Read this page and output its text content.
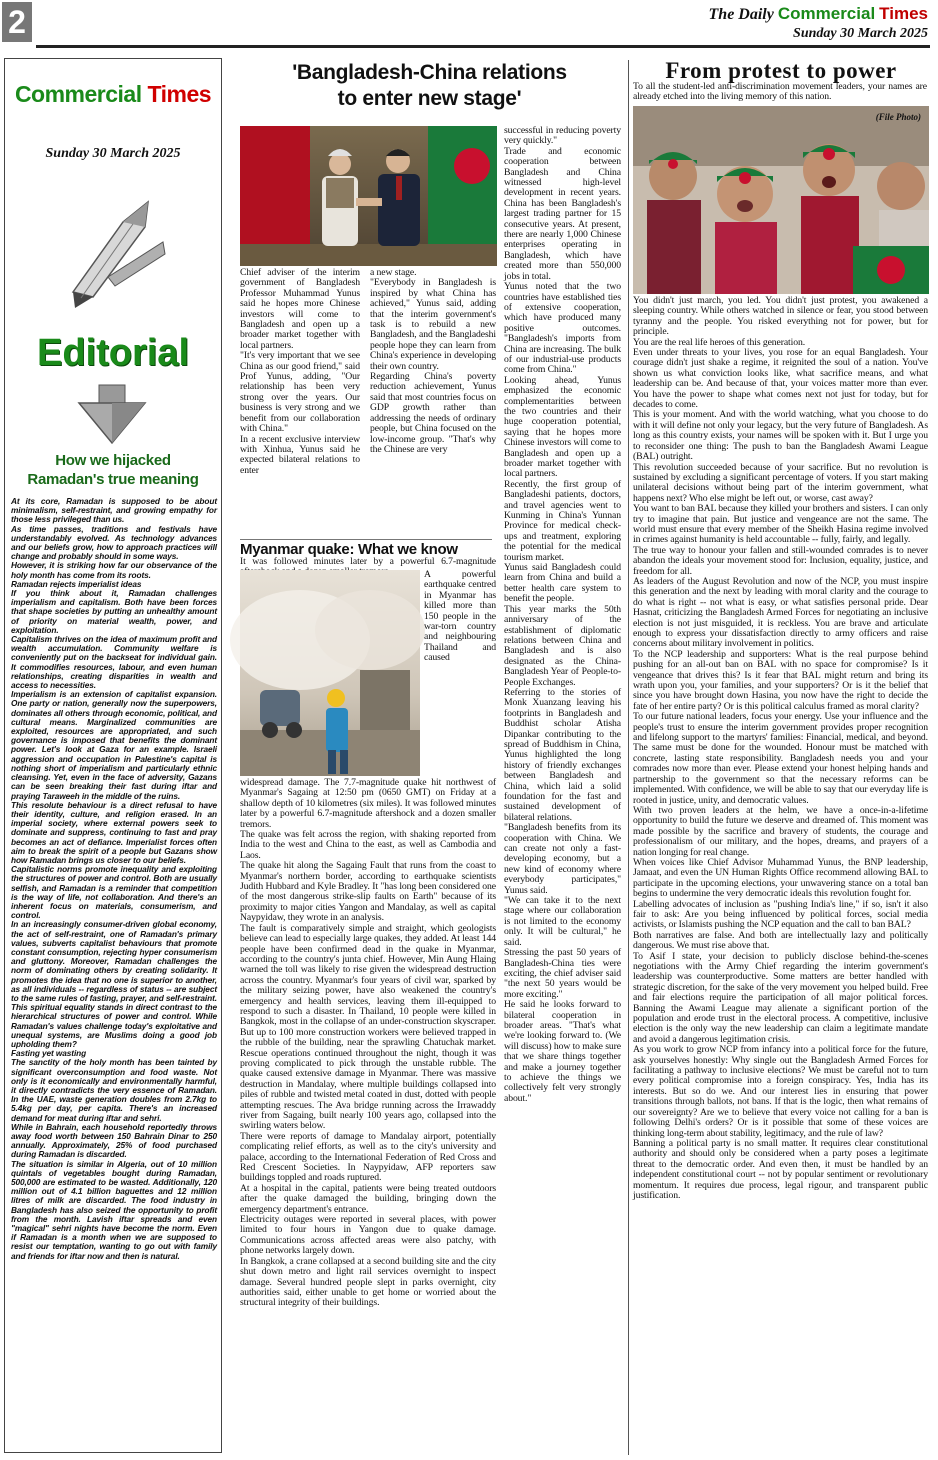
2	The Daily Commercial Times
Sunday 30 March 2025
Commercial Times
Sunday 30 March 2025
Editorial
How we hijacked
Ramadan's true meaning

At its core, Ramadan is supposed to be about minimalism, self-restraint, and growing empathy for those less privileged than us.

As time passes, traditions and festivals have understandably evolved. As technology advances and our beliefs grow, how to approach practices will change and probably should in some ways.

However, it is striking how far our observance of the holy month has come from its roots.

Ramadan rejects imperialist ideas

If you think about it, Ramadan challenges imperialism and capitalism. Both have been forces that shape societies by putting an unhealthy amount of priority on material wealth, power, and exploitation.

Capitalism thrives on the idea of maximum profit and wealth accumulation. Community welfare is conveniently put on the backseat for individual gain. It commodifies resources, labour, and even human relationships, creating disparities in wealth and access to necessities.

Imperialism is an extension of capitalist expansion. One party or nation, generally now the superpowers, dominates all others through economic, political, and cultural means. Marginalized communities are exploited, resources are appropriated, and such governance is imposed that benefits the dominant power. Let's look at Gaza for an example. Israeli aggression and occupation in Palestine's capital is nothing short of imperialism and particularly ethnic cleansing. Yet, even in the face of adversity, Gazans can be seen breaking their fast during iftar and praying Taraweeh in the middle of the ruins.

This resolute behaviour is a direct refusal to have their identity, culture, and religion erased. In an imperial society, where external powers seek to dominate and suppress, continuing to fast and pray becomes an act of defiance. Imperialist forces often aim to break the spirit of a people but Gazans show how Ramadan brings us closer to our beliefs.

Capitalistic norms promote inequality and exploiting the structures of power and control. Both are usually selfish, and Ramadan is a reminder that competition is the way of life, not collaboration. And there's an inherent focus on materials, consumerism, and control.

In an increasingly consumer-driven global economy, the act of self-restraint, one of Ramadan's primary values, subverts capitalist behaviours that promote constant consumption, rejecting hyper consumerism and gluttony. Moreover, Ramadan challenges the norm of dominating others by creating solidarity. It promotes the idea that no one is superior to another, as all individuals -- regardless of status -- are subject to the same rules of fasting, prayer, and self-restraint.

This spiritual equality stands in direct contrast to the hierarchical structures of power and control. While Ramadan's values challenge today's exploitative and unequal systems, are Muslims doing a good job upholding them?

Fasting yet wasting

The sanctity of the holy month has been tainted by significant overconsumption and food waste. Not only is it economically and environmentally harmful, it directly contradicts the very essence of Ramadan. In the UAE, waste generation doubles from 2.7kg to 5.4kg per day, per capita. There's an increased demand for meat during iftar and sehri.

While in Bahrain, each household reportedly throws away food worth between 150 Bahrain Dinar to 250 annually. Approximately, 25% of food purchased during Ramadan is discarded.

The situation is similar in Algeria, out of 10 million quintals of vegetables bought during Ramadan, 500,000 are estimated to be wasted. Additionally, 120 million out of 4.1 billion baguettes and 12 million litres of milk are discarded. The food industry in Bangladesh has also seized the opportunity to profit from the month. Lavish iftar spreads and even "magical" sehri nights have become the norm. Even if Ramadan is a month when we are supposed to resist our temptation, wanting to go out with family and friends for iftar now and then is natural.

'Bangladesh-China relations
to enter new stage'

Chief adviser of the interim government of Bangladesh Professor Muhammad Yunus said he hopes more Chinese investors will come to Bangladesh and open up a broader market together with local partners.

"It's very important that we see China as our good friend," said Prof Yunus, adding, "Our relationship has been very strong over the years. Our business is very strong and we benefit from our collaboration with China."

In a recent exclusive interview with Xinhua, Yunus said he expected bilateral relations to enter

a new stage.

"Everybody in Bangladesh is inspired by what China has achieved," Yunus said, adding that the interim government's task is to rebuild a new Bangladesh, and the Bangladeshi people hope they can learn from China's experience in developing their own country.

Regarding China's poverty reduction achievement, Yunus said that most countries focus on GDP growth rather than addressing the needs of ordinary people, but China focused on the low-income group. "That's why the Chinese are very

successful in reducing poverty very quickly."

Trade and economic cooperation between Bangladesh and China witnessed high-level development in recent years. China has been Bangladesh's largest trading partner for 15 consecutive years. At present, there are nearly 1,000 Chinese enterprises operating in Bangladesh, which have created more than 550,000 jobs in total.

Yunus noted that the two countries have established ties of extensive cooperation, which have produced many positive outcomes. "Bangladesh's imports from China are increasing. The bulk of our industrial-use products come from China."

Looking ahead, Yunus emphasized the economic complementarities between the two countries and their huge cooperation potential, saying that he hopes more Chinese investors will come to Bangladesh and open up a broader market together with local partners.

Recently, the first group of Bangladeshi patients, doctors, and travel agencies went to Kunming in China's Yunnan Province for medical check-ups and treatment, exploring the potential for the medical tourism market.

Yunus said Bangladesh could learn from China and build a better health care system to benefit the people.

This year marks the 50th anniversary of the establishment of diplomatic relations between China and Bangladesh and is also designated as the China-Bangladesh Year of People-to-People Exchanges.

Referring to the stories of Monk Xuanzang leaving his footprints in Bangladesh and Buddhist scholar Atisha Dipankar contributing to the spread of Buddhism in China, Yunus highlighted the long history of friendly exchanges between Bangladesh and China, which laid a solid foundation for the fast and sustained development of bilateral relations.

"Bangladesh benefits from its cooperation with China. We can create not only a fast-developing economy, but a new kind of economy where everybody participates," Yunus said.

"We can take it to the next stage where our collaboration is not limited to the economy only. It will be cultural," he said.

Stressing the past 50 years of Bangladesh-China ties were exciting, the chief adviser said "the next 50 years would be more exciting."

He said he looks forward to bilateral cooperation in broader areas. "That's what we're looking forward to. (We will discuss) how to make sure that we share things together and make a journey together to achieve the things we collectively felt very strongly about."

Myanmar quake: What we know
It was followed minutes later by a powerful 6.7-magnitude
A powerful earthquake centred in Myanmar has killed more than 150 people in the war-torn country and neighbouring Thailand and caused

widespread damage. The 7.7-magnitude quake hit northwest of Myanmar's Sagaing at 12:50 pm (0650 GMT) on Friday at a shallow depth of 10 kilometres (six miles). It was followed minutes later by a powerful 6.7-magnitude aftershock and a dozen smaller tremors.

The quake was felt across the region, with shaking reported from India to the west and China to the east, as well as Cambodia and Laos.

The quake hit along the Sagaing Fault that runs from the coast to Myanmar's northern border, according to earthquake scientists Judith Hubbard and Kyle Bradley. It "has long been considered one of the most dangerous strike-slip faults on Earth" because of its proximity to major cities Yangon and Mandalay, as well as capital Naypyidaw, they wrote in an analysis.

The fault is comparatively simple and straight, which geologists believe can lead to especially large quakes, they added. At least 144 people have been confirmed dead in the quake in Myanmar, according to the country's junta chief. However, Min Aung Hlaing warned the toll was likely to rise given the widespread destruction across the country. Myanmar's four years of civil war, sparked by the military seizing power, have also weakened the country's emergency and health services, leaving them ill-equipped to respond to such a disaster. In Thailand, 10 people were killed in Bangkok, most in the collapse of an under-construction skyscraper. But up to 100 more construction workers were believed trapped in the rubble of the building, near the sprawling Chatuchak market. Rescue operations continued throughout the night, though it was proving complicated to pick through the unstable rubble. The quake caused extensive damage in Myanmar. There was massive destruction in Mandalay, where multiple buildings collapsed into piles of rubble and twisted metal coated in dust, dotted with people attempting rescues. The Ava bridge running across the Irrawaddy river from Sagaing, built nearly 100 years ago, collapsed into the swirling waters below.

There were reports of damage to Mandalay airport, potentially complicating relief efforts, as well as to the city's university and palace, according to the International Federation of Red Cross and Red Crescent Societies. In Naypyidaw, AFP reporters saw buildings toppled and roads ruptured.

At a hospital in the capital, patients were being treated outdoors after the quake damaged the building, bringing down the emergency department's entrance.

Electricity outages were reported in several places, with power limited to four hours in Yangon due to quake damage. Communications across affected areas were also patchy, with phone networks largely down.

In Bangkok, a crane collapsed at a second building site and the city shut down metro and light rail services overnight to inspect damage. Several hundred people slept in parks overnight, city authorities said, either unable to get home or worried about the structural integrity of their buildings.

From protest to power
To all the student-led anti-discrimination movement leaders, your names are already etched into the living memory of this nation.
(File Photo)

You didn't just march, you led. You didn't just protest, you awakened a sleeping country. While others watched in silence or fear, you stood between tyranny and the people. You risked everything not for power, but for principle.

You are the real life heroes of this generation.

Even under threats to your lives, you rose for an equal Bangladesh. Your courage didn't just shake a regime, it reignited the soul of a nation. You've shown us what conviction looks like, what sacrifice means, and what leadership can be. And because of that, your voices matter more than ever. You have the power to shape what comes next not just for today, but for decades to come.

This is your moment. And with the world watching, what you choose to do with it will define not only your legacy, but the very future of Bangladesh. As long as this country exists, your names will be spoken with it. But I urge you to reconsider one thing: The push to ban the Bangladesh Awami League (BAL) outright.

This revolution succeeded because of your sacrifice. But no revolution is sustained by excluding a significant percentage of voters. If you start making unilateral decisions without being part of the interim government, what happens next? Who else might be left out, or worse, cast away?

You want to ban BAL because they killed your brothers and sisters. I can only try to imagine that pain. But justice and vengeance are not the same. The world must ensure that every member of the Sheikh Hasina regime involved in crimes against humanity is held accountable -- fully, fairly, and legally.

The true way to honour your fallen and still-wounded comrades is to never abandon the ideals your movement stood for: Inclusion, equality, justice, and freedom for all.

As leaders of the August Revolution and now of the NCP, you must inspire this generation and the next by leading with moral clarity and the courage to do what is right -- not what is easy, or what satisfies personal pride. Dear Hasnat, criticizing the Bangladesh Armed Forces for negotiating an inclusive election is not just misguided, it is reckless. You are brave and articulate enough to express your dissatisfaction directly to army officers and raise concerns about military involvement in politics.

To the NCP leadership and supporters: What is the real purpose behind pushing for an all-out ban on BAL with no space for compromise? Is it vengeance that drives this? Is it fear that BAL might return and bring its wrath upon you, your families, and your supporters? Or is it the belief that since you have brought down Hasina, you now have the right to decide the fate of her entire party? Or is this political calculus framed as moral clarity?

To our future national leaders, focus your energy. Use your influence and the people's trust to ensure the interim government provides proper recognition and lifelong support to the martyrs' families: Financial, medical, and beyond. The same must be done for the wounded. Honour must be matched with concrete, lasting state responsibility. Bangladesh needs you and your comrades now more than ever. Please extend your honest helping hands and partnership to the government so that the necessary reforms can be implemented. With confidence, we will be able to say that our everyday life is rooted in justice, unity, and democratic values.

With two proven leaders at the helm, we have a once-in-a-lifetime opportunity to build the future we deserve and dreamed of. This moment was made possible by the sacrifice and bravery of students, the courage and professionalism of our military, and the hopes, dreams, and prayers of a nation longing for real change.

When voices like Chief Advisor Muhammad Yunus, the BNP leadership, Jamaat, and even the UN Human Rights Office recommend allowing BAL to participate in the upcoming elections, your unwavering stance on a total ban begins to undermine the very democratic ideals this revolution fought for.

Labelling advocates of inclusion as "pushing India's line," if so, isn't it also fair to ask: Are you being influenced by political forces, social media activists, or Islamists pushing the NCP equation and the call to ban BAL?

Both narratives are false. And both are intellectually lazy and politically dangerous. We must rise above that.

To Asif I state, your decision to publicly disclose behind-the-scenes negotiations with the Army Chief regarding the interim government's leadership was counterproductive. Some matters are better handled with strategic discretion, for the sake of the very movement you helped build. Free and fair elections require the participation of all major political forces. Banning the Awami League may alienate a significant portion of the population and erode trust in the electoral process. A competitive, inclusive election is the only way the new leadership can claim a legitimate mandate and avoid a dangerous legitimation crisis.

As you work to grow NCP from infancy into a political force for the future, ask yourselves honestly: Why single out the Bangladesh Armed Forces for facilitating a pathway to inclusive elections? We must be careful not to turn every political compromise into a foreign conspiracy. Yes, India has its interests. But so do we. And our interest lies in ensuring that power transitions through ballots, not bans. If that is the logic, then what remains of our sovereignty? Are we to believe that every voice not calling for a ban is following Delhi's orders? Or is it possible that some of these voices are thinking long-term about stability, legitimacy, and the rule of law?

Banning a political party is no small matter. It requires clear constitutional authority and should only be considered when a party poses a legitimate threat to the democratic order. And even then, it must be handled by an independent constitutional court -- not by popular sentiment or revolutionary momentum. It requires due process, legal rigour, and transparent public justification.
